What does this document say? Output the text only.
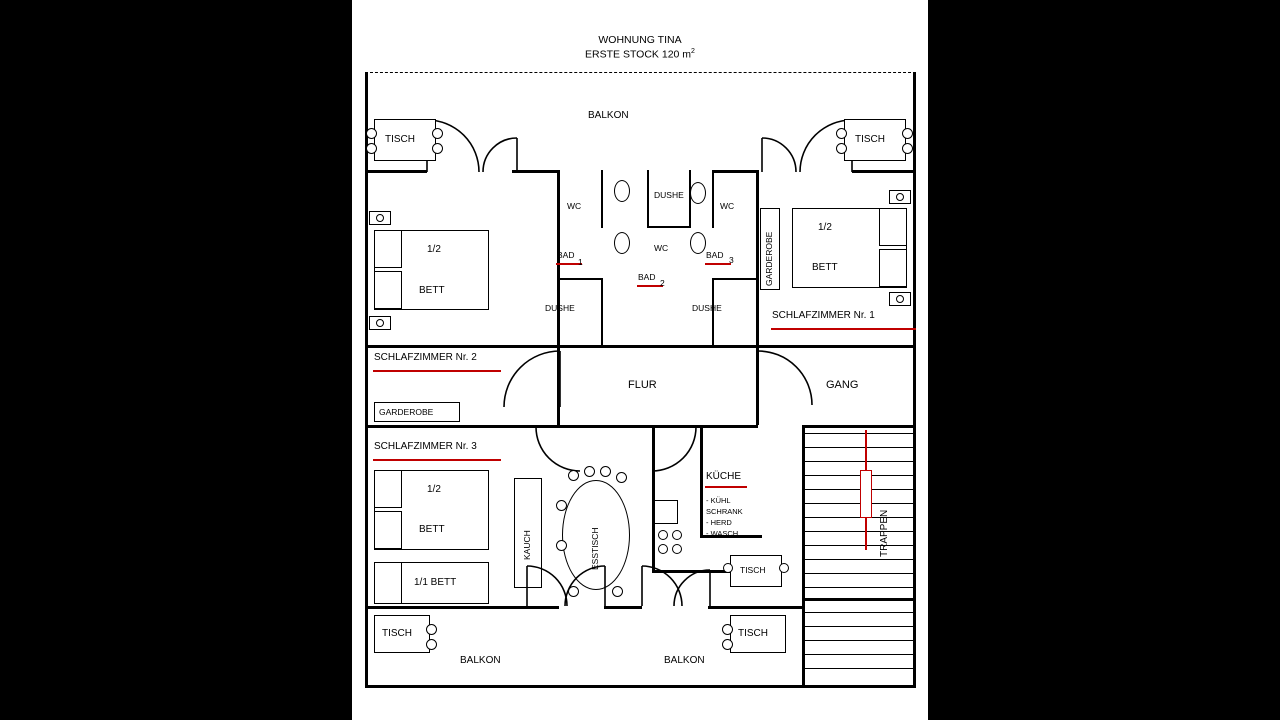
WOHNUNG TINA
ERSTE STOCK 120 $m^2$
BALKON
TISCH	TISCH
WC
DUSHE
WC
WC
DUSHE	DUSHE
BAD
1
BAD
2
BAD 3
SCHLAFZIMMER Nr. 2
1/2
BETT
GARDEROBE
FLUR
SCHLAFZIMMER Nr. 1
1/2
BETT
GARDEROBE
GANG
TRAPPEN
SCHLAFZIMMER Nr. 3
1/2
BETT
1/1 BETT
KAUCH	ESSTISCH
KÜCHE
- KÜHL
SCHRANK
- HERD
- WASCH
TISCH
BALKON	BALKON
TISCH	TISCH
